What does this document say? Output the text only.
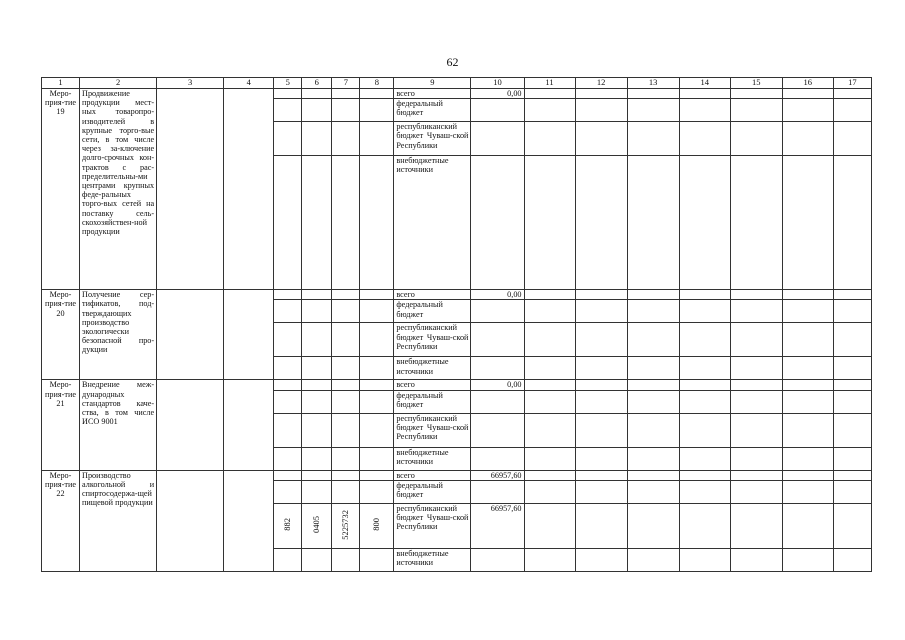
62
1	2	3	4	5	6	7	8	9	10	11	12	13	14	15	16	17
Меро-прия-тие 19	Продвижение продукции мест-ных товаропро-изводителей в крупные торго-вые сети, в том числе через за-ключение долго-срочных кон-трактов с рас-пределительны-ми центрами крупных феде-ральных торго-вых сетей на поставку сель-скохозяйствен-ной продукции							всего	0,00							
								федеральный бюджет								
								республиканский бюджет Чуваш-ской Республики								
								внебюджетные источники								
Меро-прия-тие 20	Получение сер-тификатов, под-тверждающих производство экологически безопасной про-дукции							всего	0,00							
								федеральный бюджет								
								республиканский бюджет Чуваш-ской Республики								
								внебюджетные источники								
Меро-прия-тие 21	Внедрение меж-дународных стандартов каче-ства, в том числе ИСО 9001							всего	0,00							
								федеральный бюджет								
								республиканский бюджет Чуваш-ской Республики								
								внебюджетные источники								
Меро-прия-тие 22	Производство алкогольной и спиртосодержа-щей пищевой продукции							всего	66957,60							
								федеральный бюджет								
				882	0405	5225732	800	республиканский бюджет Чуваш-ской Республики	66957,60							
								внебюджетные источники								
